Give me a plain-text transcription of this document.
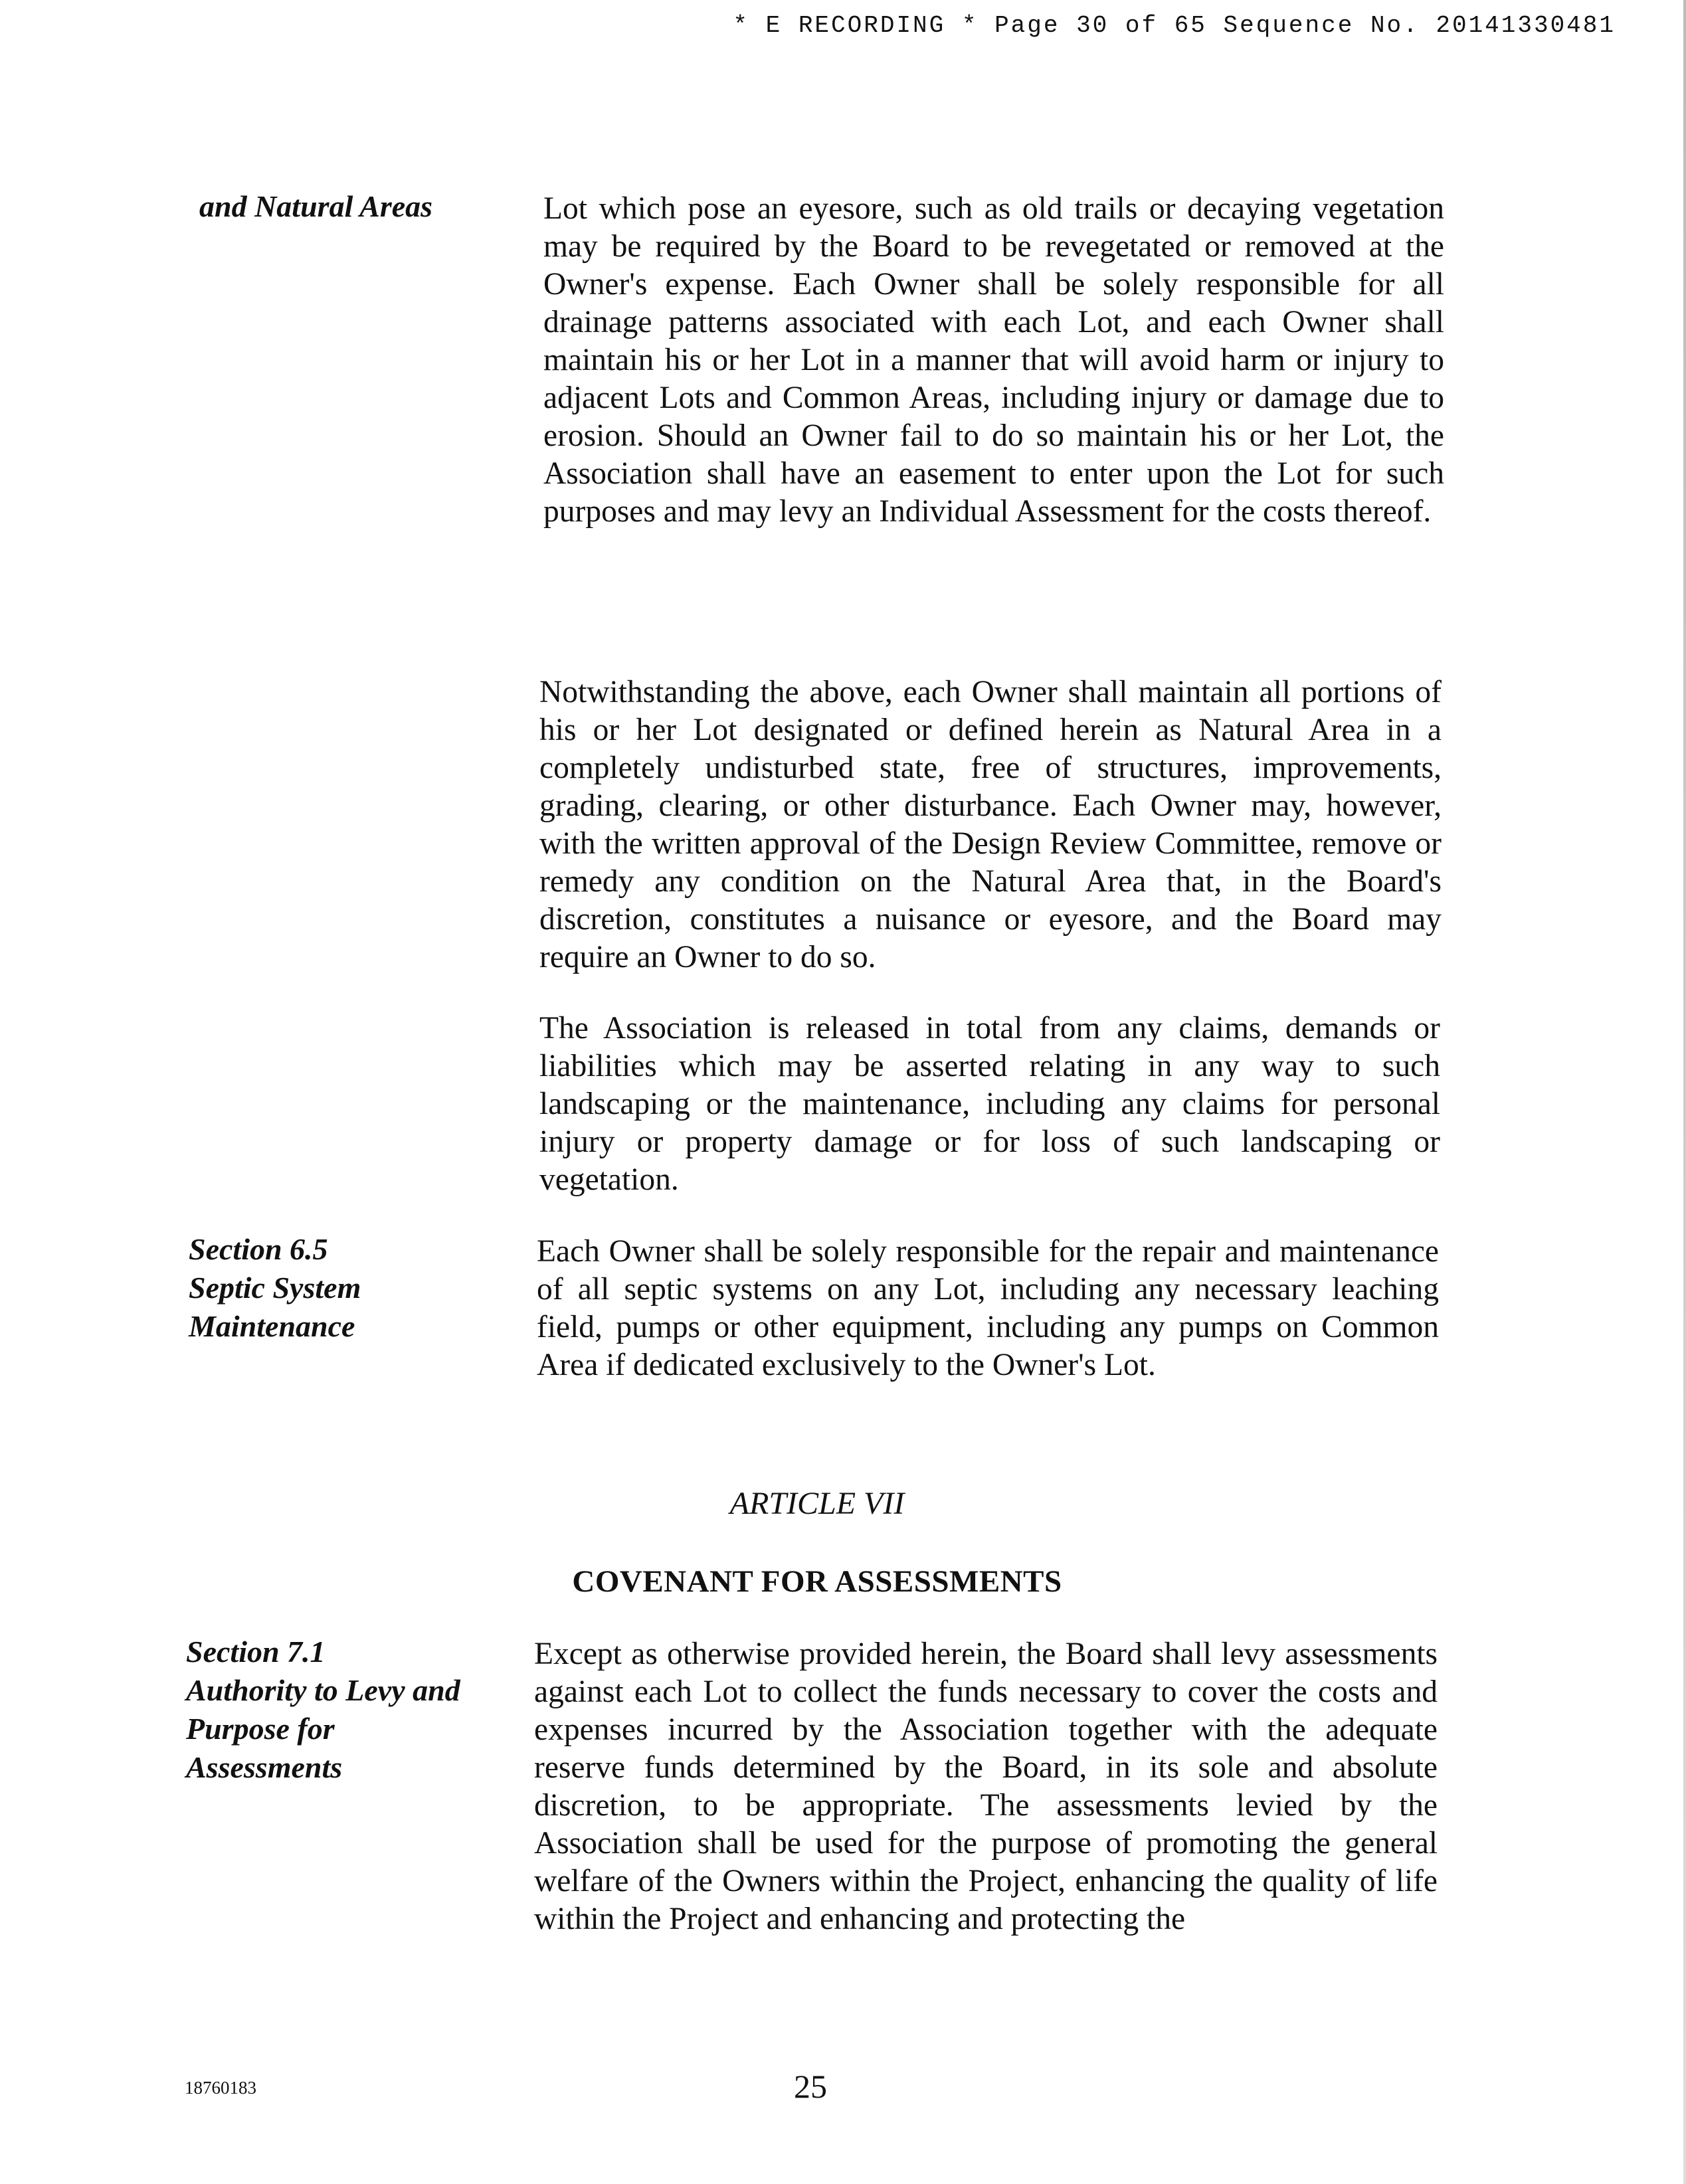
* E RECORDING * Page 30 of 65 Sequence No. 20141330481
and Natural Areas	Lot which pose an eyesore, such as old trails or decaying vegetation may be required by the Board to be revegetated or removed at the Owner's expense. Each Owner shall be solely responsible for all drainage patterns associated with each Lot, and each Owner shall maintain his or her Lot in a manner that will avoid harm or injury to adjacent Lots and Common Areas, including injury or damage due to erosion. Should an Owner fail to do so maintain his or her Lot, the Association shall have an easement to enter upon the Lot for such purposes and may levy an Individual Assessment for the costs thereof.
Notwithstanding the above, each Owner shall maintain all portions of his or her Lot designated or defined herein as Natural Area in a completely undisturbed state, free of structures, improvements, grading, clearing, or other disturbance. Each Owner may, however, with the written approval of the Design Review Committee, remove or remedy any condition on the Natural Area that, in the Board's discretion, constitutes a nuisance or eyesore, and the Board may require an Owner to do so.
The Association is released in total from any claims, demands or liabilities which may be asserted relating in any way to such landscaping or the maintenance, including any claims for personal injury or property damage or for loss of such landscaping or vegetation.
Section 6.5
Septic System
Maintenance
Each Owner shall be solely responsible for the repair and maintenance of all septic systems on any Lot, including any necessary leaching field, pumps or other equipment, including any pumps on Common Area if dedicated exclusively to the Owner's Lot.
ARTICLE VII
COVENANT FOR ASSESSMENTS
Section 7.1
Authority to Levy and
Purpose for
Assessments
Except as otherwise provided herein, the Board shall levy assessments against each Lot to collect the funds necessary to cover the costs and expenses incurred by the Association together with the adequate reserve funds determined by the Board, in its sole and absolute discretion, to be appropriate. The assessments levied by the Association shall be used for the purpose of promoting the general welfare of the Owners within the Project, enhancing the quality of life within the Project and enhancing and protecting the
18760183	25
